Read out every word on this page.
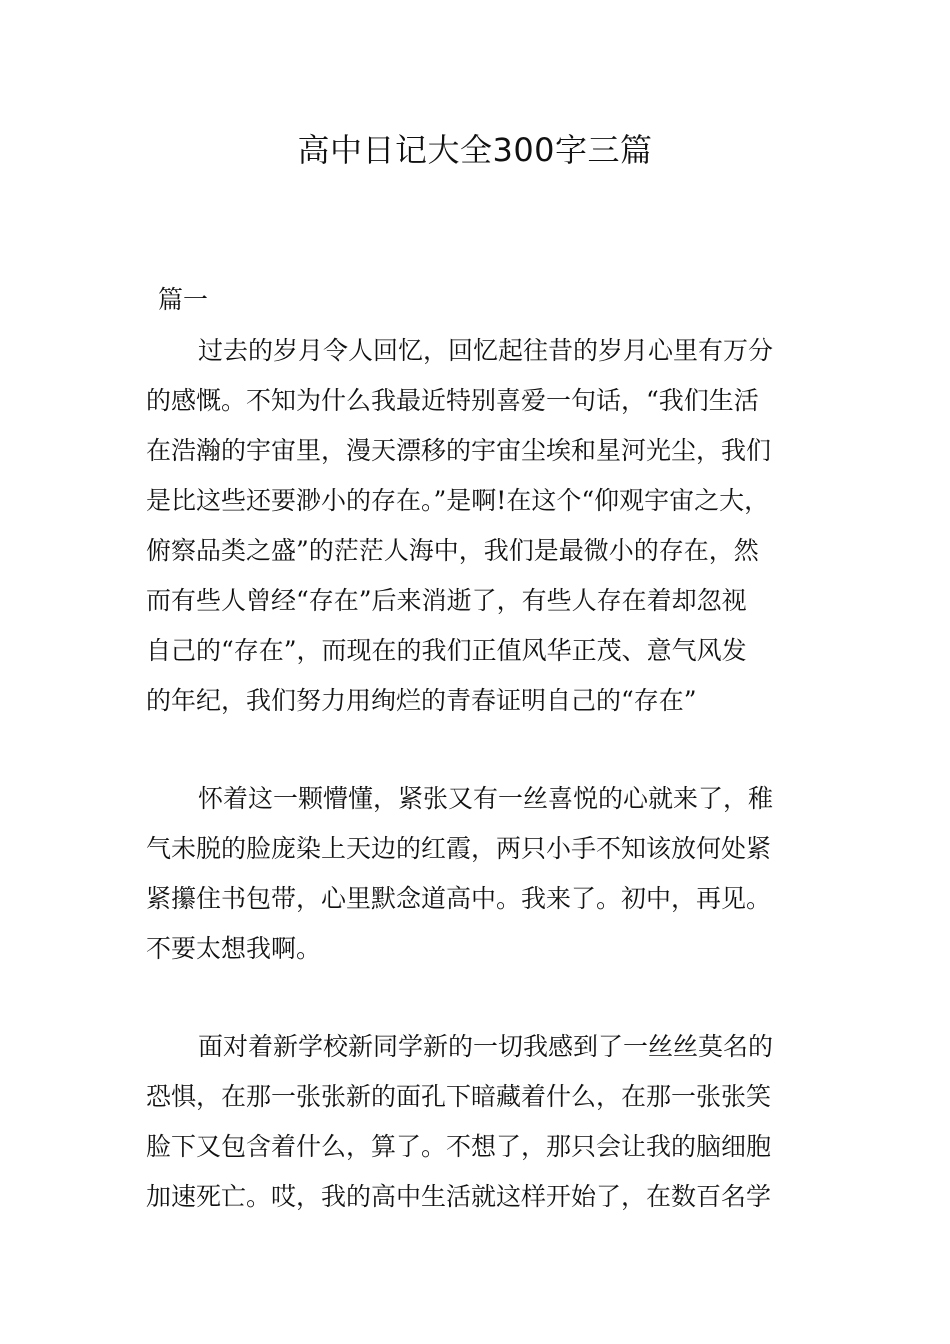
高中日记大全300字三篇
篇一
过去的岁月令人回忆，回忆起往昔的岁月心里有万分
的感慨。不知为什么我最近特别喜爱一句话，“我们生活
在浩瀚的宇宙里，漫天漂移的宇宙尘埃和星河光尘，我们
是比这些还要渺小的存在。”是啊!在这个“仰观宇宙之大，
俯察品类之盛”的茫茫人海中，我们是最微小的存在，然
而有些人曾经“存在”后来消逝了，有些人存在着却忽视
自己的“存在”，而现在的我们正值风华正茂、意气风发
的年纪，我们努力用绚烂的青春证明自己的“存在”
怀着这一颗懵懂，紧张又有一丝喜悦的心就来了，稚
气未脱的脸庞染上天边的红霞，两只小手不知该放何处紧
紧攥住书包带，心里默念道高中。我来了。初中，再见。
不要太想我啊。
面对着新学校新同学新的一切我感到了一丝丝莫名的
恐惧，在那一张张新的面孔下暗藏着什么，在那一张张笑
脸下又包含着什么，算了。不想了，那只会让我的脑细胞
加速死亡。哎，我的高中生活就这样开始了，在数百名学
